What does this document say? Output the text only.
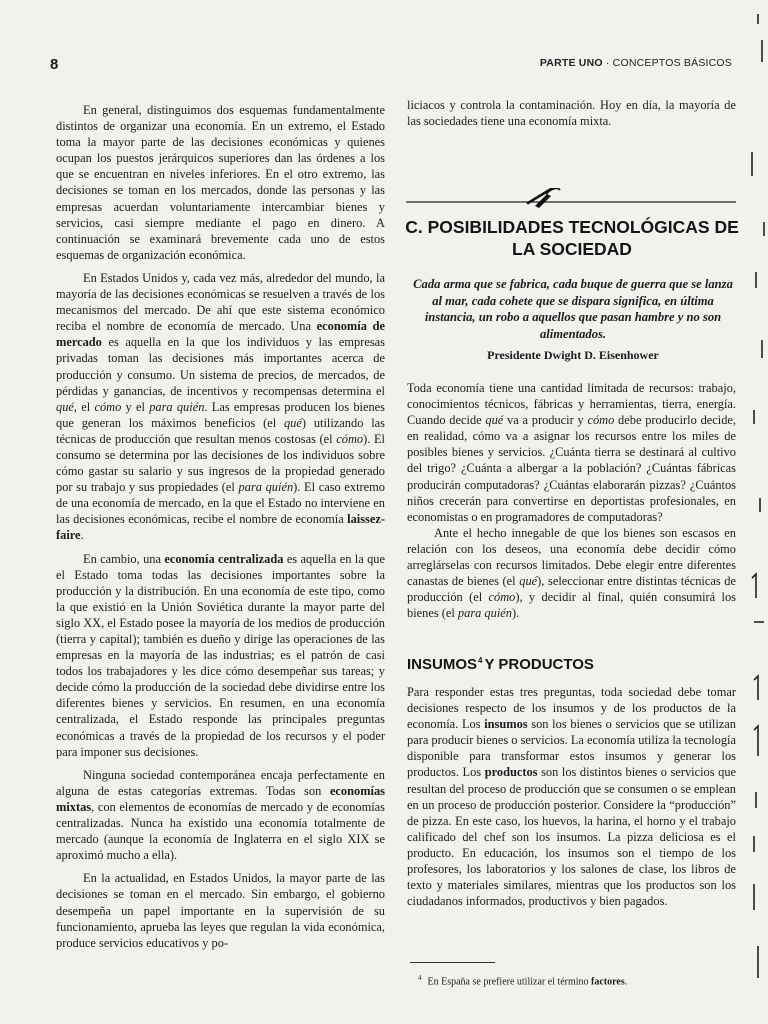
8	PARTE UNO · CONCEPTOS BÁSICOS

En general, distinguimos dos esquemas fundamentalmente distintos de organizar una economía. En un extremo, el Estado toma la mayor parte de las decisiones económicas y quienes ocupan los puestos jerárquicos superiores dan las órdenes a los que se encuentran en niveles inferiores. En el otro extremo, las decisiones se toman en los mercados, donde las personas y las empresas acuerdan voluntariamente intercambiar bienes y servicios, casi siempre mediante el pago en dinero. A continuación se examinará brevemente cada uno de estos esquemas de organización económica.

En Estados Unidos y, cada vez más, alrededor del mundo, la mayoría de las decisiones económicas se resuelven a través de los mecanismos del mercado. De ahí que este sistema económico reciba el nombre de economía de mercado. Una economía de mercado es aquella en la que los individuos y las empresas privadas toman las decisiones más importantes acerca de producción y consumo. Un sistema de precios, de mercados, de pérdidas y ganancias, de incentivos y recompensas determina el qué, el cómo y el para quién. Las empresas producen los bienes que generan los máximos beneficios (el qué) utilizando las técnicas de producción que resultan menos costosas (el cómo). El consumo se determina por las decisiones de los individuos sobre cómo gastar su salario y sus ingresos de la propiedad generado por su trabajo y sus propiedades (el para quién). El caso extremo de una economía de mercado, en la que el Estado no interviene en las decisiones económicas, recibe el nombre de economía laissez-faire.

En cambio, una economía centralizada es aquella en la que el Estado toma todas las decisiones importantes sobre la producción y la distribución. En una economía de este tipo, como la que existió en la Unión Soviética durante la mayor parte del siglo XX, el Estado posee la mayoría de los medios de producción (tierra y capital); también es dueño y dirige las operaciones de las empresas en la mayoría de las industrias; es el patrón de casi todos los trabajadores y les dice cómo desempeñar sus tareas; y decide cómo la producción de la sociedad debe dividirse entre los diferentes bienes y servicios. En resumen, en una economía centralizada, el Estado responde las principales preguntas económicas a través de la propiedad de los recursos y el poder para imponer sus decisiones.

Ninguna sociedad contemporánea encaja perfectamente en alguna de estas categorías extremas. Todas son economías mixtas, con elementos de economías de mercado y de economías centralizadas. Nunca ha existido una economía totalmente de mercado (aunque la economía de Inglaterra en el siglo XIX se aproximó mucho a ella).

En la actualidad, en Estados Unidos, la mayor parte de las decisiones se toman en el mercado. Sin embargo, el gobierno desempeña un papel importante en la supervisión de su funcionamiento, aprueba las leyes que regulan la vida económica, produce servicios educativos y po-

liciacos y controla la contaminación. Hoy en día, la mayoría de las sociedades tiene una economía mixta.

C. POSIBILIDADES TECNOLÓGICAS DE LA SOCIEDAD
Cada arma que se fabrica, cada buque de guerra que se lanza al mar, cada cohete que se dispara significa, en última instancia, un robo a aquellos que pasan hambre y no son alimentados.
Presidente Dwight D. Eisenhower

Toda economía tiene una cantidad limitada de recursos: trabajo, conocimientos técnicos, fábricas y herramientas, tierra, energía. Cuando decide qué va a producir y cómo debe producirlo decide, en realidad, cómo va a asignar los recursos entre los miles de posibles bienes y servicios. ¿Cuánta tierra se destinará al cultivo del trigo? ¿Cuánta a albergar a la población? ¿Cuántas fábricas producirán computadoras? ¿Cuántas elaborarán pizzas? ¿Cuántos niños crecerán para convertirse en deportistas profesionales, en economistas o en programadores de computadoras?

Ante el hecho innegable de que los bienes son escasos en relación con los deseos, una economía debe decidir cómo arreglárselas con recursos limitados. Debe elegir entre diferentes canastas de bienes (el qué), seleccionar entre distintas técnicas de producción (el cómo), y decidir al final, quién consumirá los bienes (el para quién).

INSUMOS$^4$ Y PRODUCTOS

Para responder estas tres preguntas, toda sociedad debe tomar decisiones respecto de los insumos y de los productos de la economía. Los insumos son los bienes o servicios que se utilizan para producir bienes o servicios. La economía utiliza la tecnología disponible para transformar estos insumos y generar los productos. Los productos son los distintos bienes o servicios que resultan del proceso de producción que se consumen o se emplean en un proceso de producción posterior. Considere la “producción” de pizza. En este caso, los huevos, la harina, el horno y el trabajo calificado del chef son los insumos. La pizza deliciosa es el producto. En educación, los insumos son el tiempo de los profesores, los laboratorios y los salones de clase, los libros de texto y materiales similares, mientras que los productos son los ciudadanos informados, productivos y bien pagados.

$^4$ En España se prefiere utilizar el término factores.
